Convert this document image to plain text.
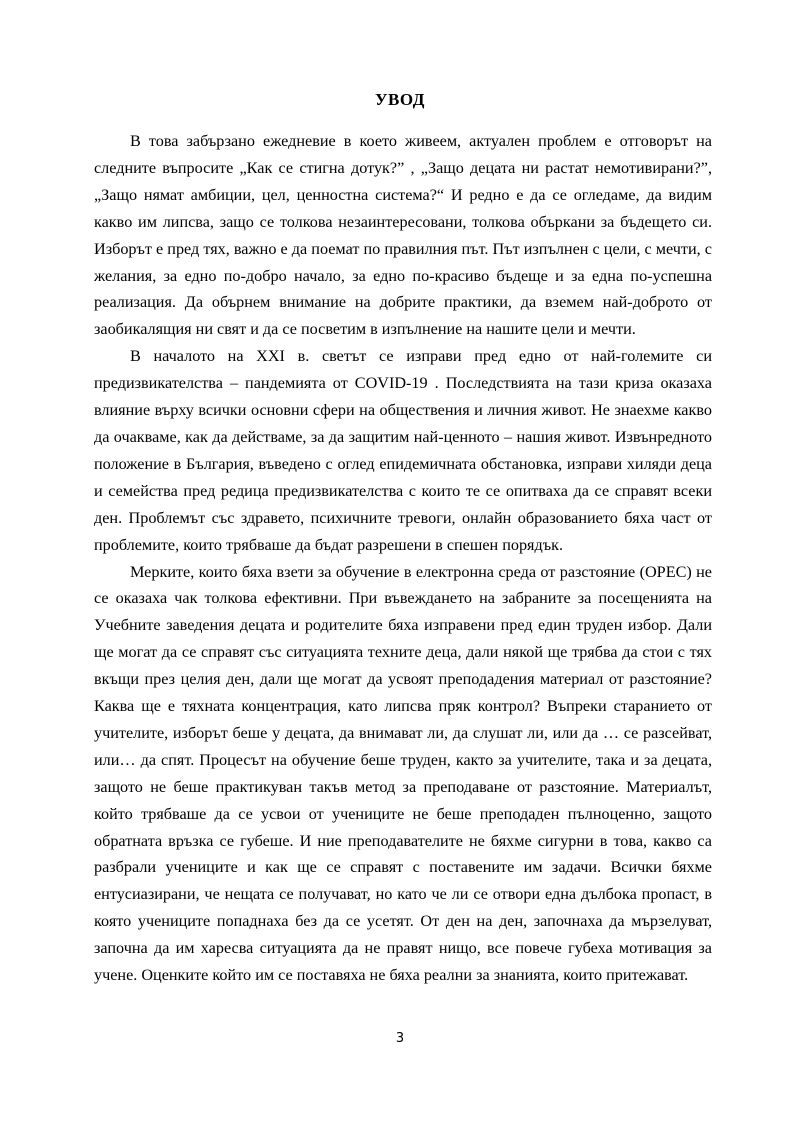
УВОД

В това забързано ежедневие в което живеем, актуален проблем е отговорът на следните въпросите „Как се стигна дотук?” , „Защо децата ни растат немотивирани?”, „Защо нямат амбиции, цел, ценностна система?“ И редно е да се огледаме, да видим какво им липсва, защо се толкова незаинтересовани, толкова объркани за бъдещето си. Изборът е пред тях, важно е да поемат по правилния път. Път изпълнен с цели, с мечти, с желания, за едно по-добро начало, за едно по-красиво бъдеще и за една по-успешна реализация. Да обърнем внимание на добрите практики, да вземем най-доброто от заобикалящия ни свят и да се посветим в изпълнение на нашите цели и мечти.

В началото на XXI в. светът се изправи пред едно от най-големите си предизвикателства – пандемията от COVID-19 . Последствията на тази криза оказаха влияние върху всички основни сфери на обществения и личния живот. Не знаехме какво да очакваме, как да действаме, за да защитим най-ценното – нашия живот. Извънредното положение в България, въведено с оглед епидемичната обстановка, изправи хиляди деца и семейства пред редица предизвикателства с които те се опитваха да се справят всеки ден. Проблемът със здравето, психичните тревоги, онлайн образованието бяха част от проблемите, които трябваше да бъдат разрешени в спешен порядък.

Мерките, които бяха взети за обучение в електронна среда от разстояние (ОРЕС) не се оказаха чак толкова ефективни. При въвеждането на забраните за посещенията на Учебните заведения децата и родителите бяха изправени пред един труден избор. Дали ще могат да се справят със ситуацията техните деца, дали някой ще трябва да стои с тях вкъщи през целия ден, дали ще могат да усвоят преподадения материал от разстояние? Каква ще е тяхната концентрация, като липсва пряк контрол? Въпреки старанието от учителите, изборът беше у децата, да внимават ли, да слушат ли, или да … се разсейват, или… да спят. Процесът на обучение беше труден, както за учителите, така и за децата, защото не беше практикуван такъв метод за преподаване от разстояние. Материалът, който трябваше да се усвои от учениците не беше преподаден пълноценно, защото обратната връзка се губеше. И ние преподавателите не бяхме сигурни в това, какво са разбрали учениците и как ще се справят с поставените им задачи. Всички бяхме ентусиазирани, че нещата се получават, но като че ли се отвори една дълбока пропаст, в която учениците попаднаха без да се усетят. От ден на ден, започнаха да мързелуват, започна да им харесва ситуацията да не правят нищо, все повече губеха мотивация за учене. Оценките който им се поставяха не бяха реални за знанията, които притежават.

3
